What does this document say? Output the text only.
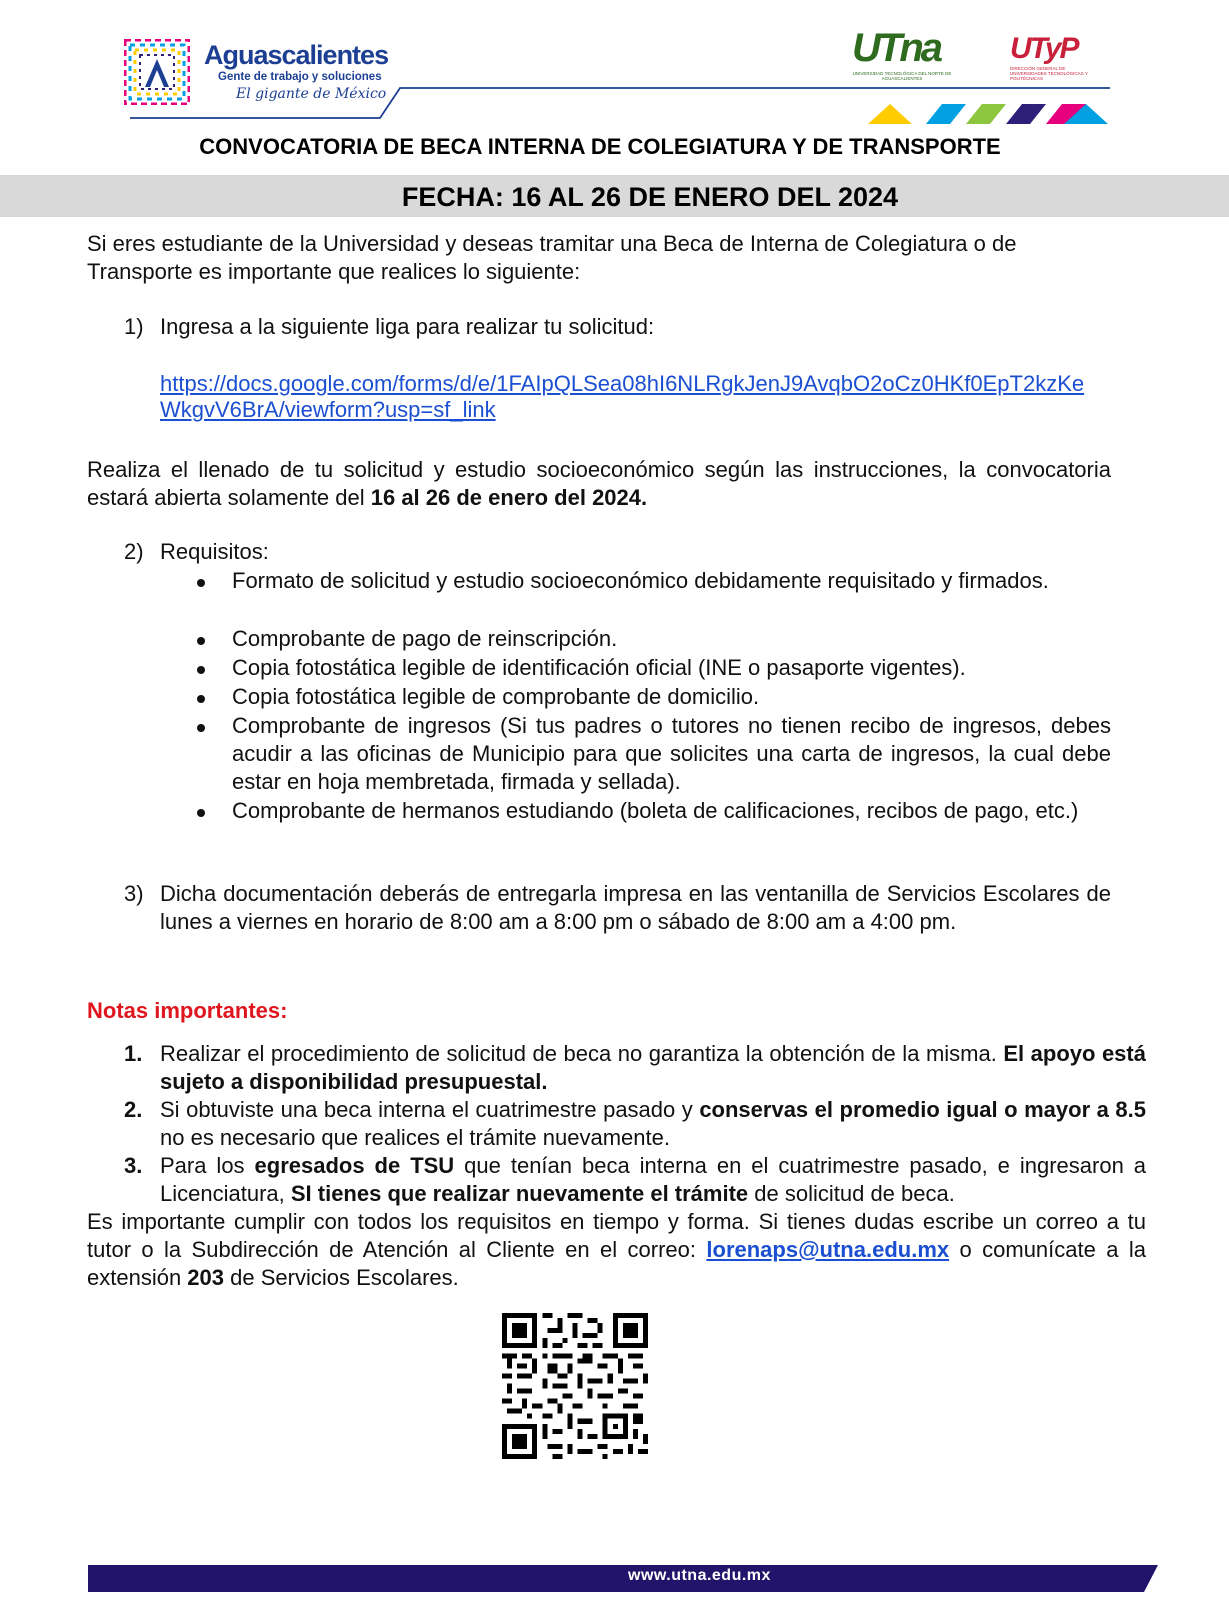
Aguascalientes
Gente de trabajo y soluciones
El gigante de México
UTna
UNIVERSIDAD TECNOLÓGICA DEL NORTE DE AGUASCALIENTES
UTyP
DIRECCIÓN GENERAL DE UNIVERSIDADES TECNOLÓGICAS Y POLITÉCNICAS
CONVOCATORIA DE BECA INTERNA DE COLEGIATURA Y DE TRANSPORTE
FECHA: 16 AL 26 DE ENERO DEL 2024
Si eres estudiante de la Universidad y deseas tramitar una Beca de Interna de Colegiatura o de Transporte es importante que realices lo siguiente:
1) Ingresa a la siguiente liga para realizar tu solicitud:
https://docs.google.com/forms/d/e/1FAIpQLSea08hI6NLRgkJenJ9AvqbO2oCz0HKf0EpT2kzKe
WkgvV6BrA/viewform?usp=sf_link
Realiza el llenado de tu solicitud y estudio socioeconómico según las instrucciones, la convocatoria estará abierta solamente del 16 al 26 de enero del 2024.
2) Requisitos:
Formato de solicitud y estudio socioeconómico debidamente requisitado y firmados.
Comprobante de pago de reinscripción.
Copia fotostática legible de identificación oficial (INE o pasaporte vigentes).
Copia fotostática legible de comprobante de domicilio.
Comprobante de ingresos (Si tus padres o tutores no tienen recibo de ingresos, debes acudir a las oficinas de Municipio para que solicites una carta de ingresos, la cual debe estar en hoja membretada, firmada y sellada).
Comprobante de hermanos estudiando (boleta de calificaciones, recibos de pago, etc.)
3) Dicha documentación deberás de entregarla impresa en las ventanilla de Servicios Escolares de lunes a viernes en horario de 8:00 am a 8:00 pm o sábado de 8:00 am a 4:00 pm.
Notas importantes:
1. Realizar el procedimiento de solicitud de beca no garantiza la obtención de la misma. El apoyo está sujeto a disponibilidad presupuestal.
2. Si obtuviste una beca interna el cuatrimestre pasado y conservas el promedio igual o mayor a 8.5 no es necesario que realices el trámite nuevamente.
3. Para los egresados de TSU que tenían beca interna en el cuatrimestre pasado, e ingresaron a Licenciatura, SI tienes que realizar nuevamente el trámite de solicitud de beca.
Es importante cumplir con todos los requisitos en tiempo y forma. Si tienes dudas escribe un correo a tu tutor o la Subdirección de Atención al Cliente en el correo: lorenaps@utna.edu.mx o comunícate a la extensión 203 de Servicios Escolares.
www.utna.edu.mx
